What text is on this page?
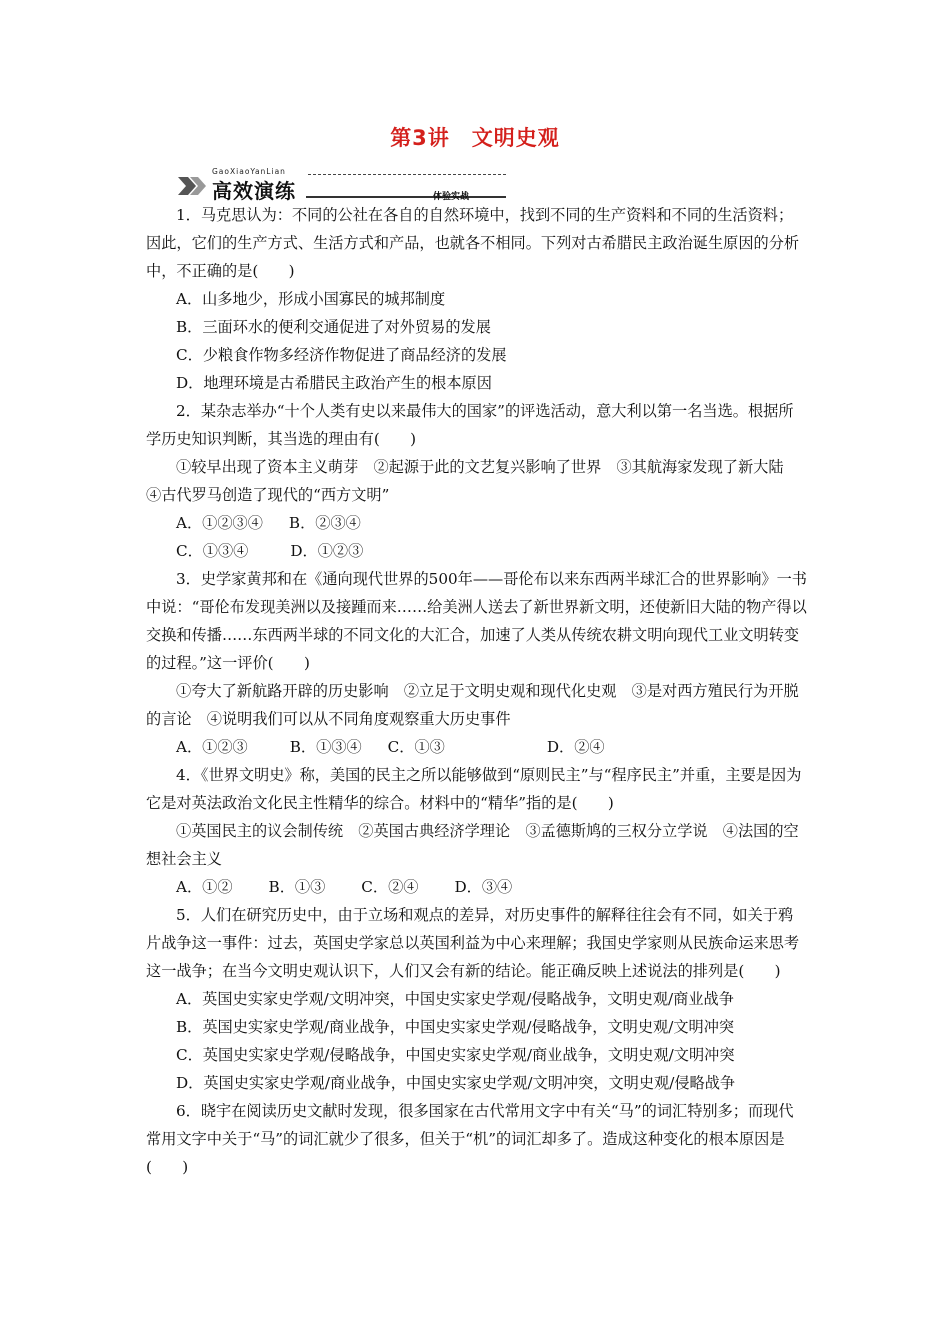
第3讲　文明史观
GaoXiaoYanLian
高效演练	体验实战

1．马克思认为：不同的公社在各自的自然环境中，找到不同的生产资料和不同的生活资料；因此，它们的生产方式、生活方式和产品，也就各不相同。下列对古希腊民主政治诞生原因的分析中，不正确的是(　　)

A．山多地少，形成小国寡民的城邦制度

B．三面环水的便利交通促进了对外贸易的发展

C．少粮食作物多经济作物促进了商品经济的发展

D．地理环境是古希腊民主政治产生的根本原因

2．某杂志举办“十个人类有史以来最伟大的国家”的评选活动，意大利以第一名当选。根据所学历史知识判断，其当选的理由有(　　)

①较早出现了资本主义萌芽　②起源于此的文艺复兴影响了世界　③其航海家发现了新大陆　④古代罗马创造了现代的“西方文明”

A．①②③④ B．②③④

C．①③④	D．①②③

3．史学家黄邦和在《通向现代世界的500年——哥伦布以来东西两半球汇合的世界影响》一书中说：“哥伦布发现美洲以及接踵而来……给美洲人送去了新世界新文明，还使新旧大陆的物产得以交换和传播……东西两半球的不同文化的大汇合，加速了人类从传统农耕文明向现代工业文明转变的过程。”这一评价(　　)

①夸大了新航路开辟的历史影响　②立足于文明史观和现代化史观　③是对西方殖民行为开脱的言论　④说明我们可以从不同角度观察重大历史事件

A．①②③	B．①③④ C．①③	D．②④

4．《世界文明史》称，美国的民主之所以能够做到“原则民主”与“程序民主”并重，主要是因为它是对英法政治文化民主性精华的综合。材料中的“精华”指的是(　　)

①英国民主的议会制传统　②英国古典经济学理论　③孟德斯鸠的三权分立学说　④法国的空想社会主义

A．①② B．①③ C．②④ D．③④

5．人们在研究历史中，由于立场和观点的差异，对历史事件的解释往往会有不同，如关于鸦片战争这一事件：过去，英国史学家总以英国利益为中心来理解；我国史学家则从民族命运来思考这一战争；在当今文明史观认识下，人们又会有新的结论。能正确反映上述说法的排列是(　　)

A．英国史实家史学观/文明冲突，中国史实家史学观/侵略战争，文明史观/商业战争

B．英国史实家史学观/商业战争，中国史实家史学观/侵略战争，文明史观/文明冲突

C．英国史实家史学观/侵略战争，中国史实家史学观/商业战争，文明史观/文明冲突

D．英国史实家史学观/商业战争，中国史实家史学观/文明冲突，文明史观/侵略战争

6．晓宇在阅读历史文献时发现，很多国家在古代常用文字中有关“马”的词汇特别多；而现代常用文字中关于“马”的词汇就少了很多，但关于“机”的词汇却多了。造成这种变化的根本原因是(　　)
